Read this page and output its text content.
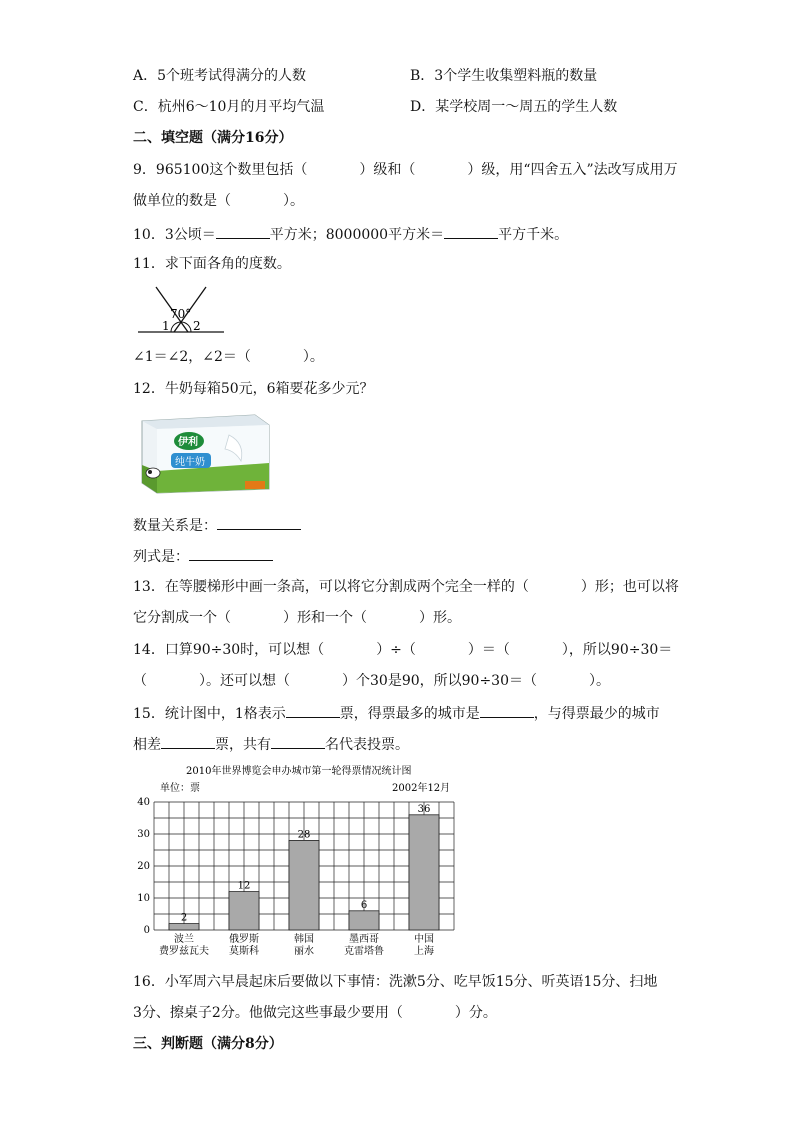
A．5个班考试得满分的人数	B．3个学生收集塑料瓶的数量
C．杭州6～10月的月平均气温	D．某学校周一～周五的学生人数
二、填空题（满分16分）
9．965100这个数里包括（	）级和（	）级，用“四舍五入”法改写成用万
做单位的数是（	）。
10．3公顷＝	平方米；8000000平方米＝	平方千米。
11．求下面各角的度数。
70°
1 2
∠1＝∠2，∠2＝（	）。
12．牛奶每箱50元，6箱要花多少元？
伊利
纯牛奶
数量关系是：
列式是：
13．在等腰梯形中画一条高，可以将它分割成两个完全一样的（	）形；也可以将
它分割成一个（	）形和一个（	）形。
14．口算90÷30时，可以想（	）÷（	）＝（	），所以90÷30＝
（	）。还可以想（	）个30是90，所以90÷30＝（	）。
15．统计图中，1格表示	票，得票最多的城市是	，与得票最少的城市
相差	票，共有	名代表投票。
2010年世界博览会申办城市第一轮得票情况统计图
单位：票	2002年12月
0
10
20
30
40
2
波兰
费罗兹瓦夫
12
俄罗斯
莫斯科
28
韩国
丽水
6
墨西哥
克雷塔鲁
36
中国
上海
16．小军周六早晨起床后要做以下事情：洗漱5分、吃早饭15分、听英语15分、扫地
3分、擦桌子2分。他做完这些事最少要用（	）分。
三、判断题（满分8分）
